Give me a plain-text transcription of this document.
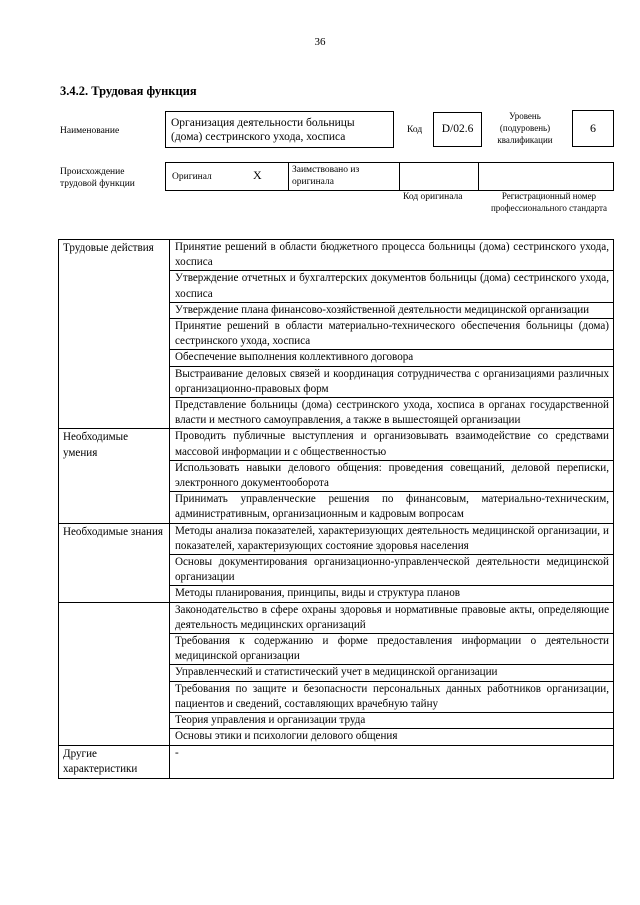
36
3.4.2. Трудовая функция
Наименование
Организация деятельности больницы (дома) сестринского ухода, хосписа
Код	D/02.6
Уровень (подуровень) квалификации
6
Происхождение трудовой функции
Оригинал	X	Заимствовано из оригинала
Код оригинала	Регистрационный номер профессионального стандарта
Трудовые действия	Принятие решений в области бюджетного процесса больницы (дома) сестринского ухода, хосписа
	Утверждение отчетных и бухгалтерских документов больницы (дома) сестринского ухода, хосписа
	Утверждение плана финансово-хозяйственной деятельности медицинской организации
	Принятие решений в области материально-технического обеспечения больницы (дома) сестринского ухода, хосписа
	Обеспечение выполнения коллективного договора
	Выстраивание деловых связей и координация сотрудничества с организациями различных организационно-правовых форм
	Представление больницы (дома) сестринского ухода, хосписа в органах государственной власти и местного самоуправления, а также в вышестоящей организации
Необходимые умения	Проводить публичные выступления и организовывать взаимодействие со средствами массовой информации и с общественностью
	Использовать навыки делового общения: проведения совещаний, деловой переписки, электронного документооборота
	Принимать управленческие решения по финансовым, материально-техническим, административным, организационным и кадровым вопросам
Необходимые знания	Методы анализа показателей, характеризующих деятельность медицинской организации, и показателей, характеризующих состояние здоровья населения
	Основы документирования организационно-управленческой деятельности медицинской организации
	Методы планирования, принципы, виды и структура планов
	Законодательство в сфере охраны здоровья и нормативные правовые акты, определяющие деятельность медицинских организаций
	Требования к содержанию и форме предоставления информации о деятельности медицинской организации
	Управленческий и статистический учет в медицинской организации
	Требования по защите и безопасности персональных данных работников организации, пациентов и сведений, составляющих врачебную тайну
	Теория управления и организации труда
	Основы этики и психологии делового общения
Другие характеристики	-
